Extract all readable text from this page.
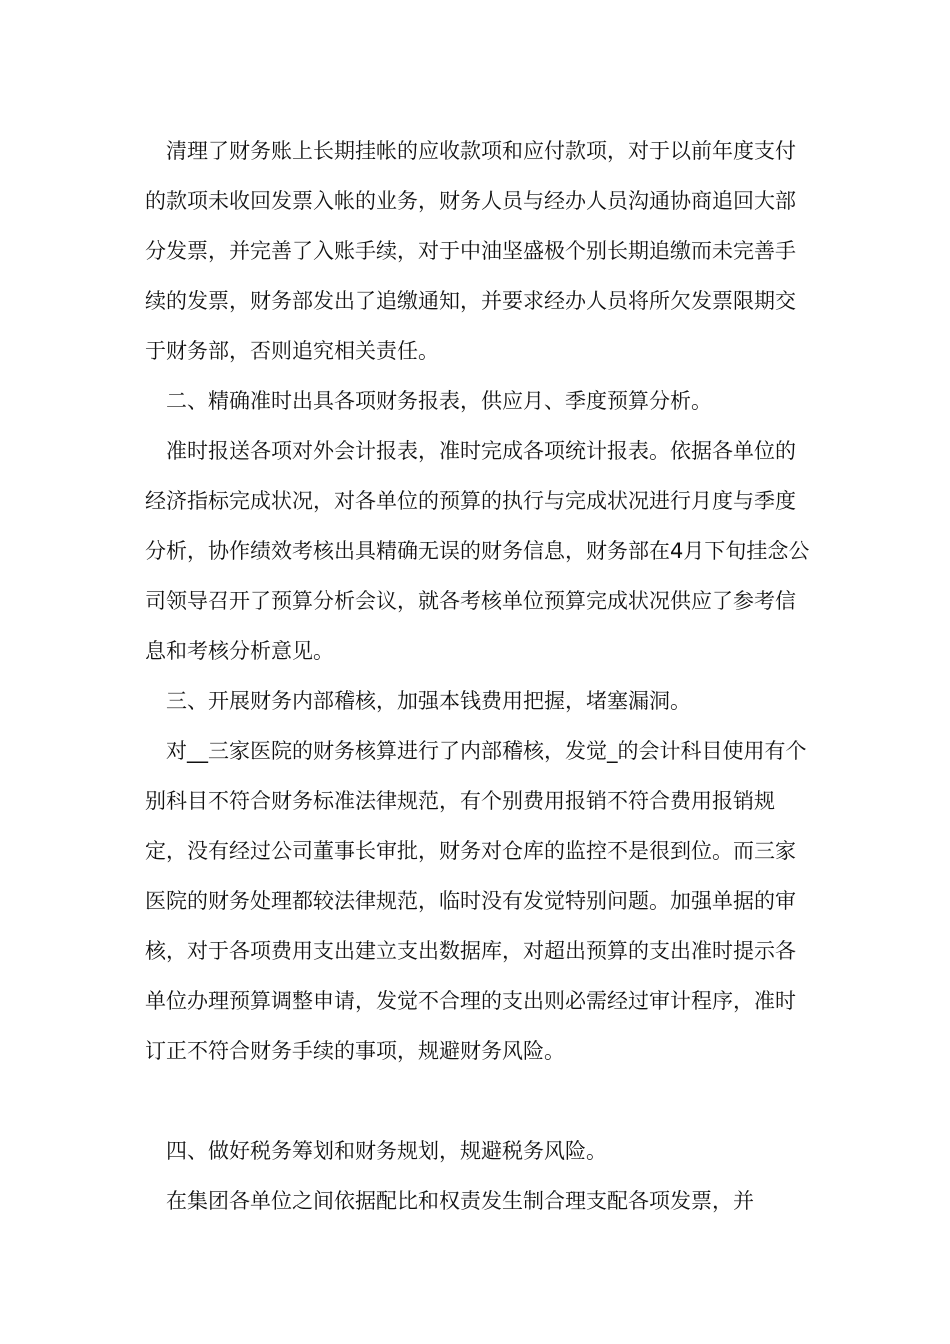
清理了财务账上长期挂帐的应收款项和应付款项，对于以前年度支付的款项未收回发票入帐的业务，财务人员与经办人员沟通协商追回大部分发票，并完善了入账手续，对于中油坚盛极个别长期追缴而未完善手续的发票，财务部发出了追缴通知，并要求经办人员将所欠发票限期交于财务部，否则追究相关责任。

二、精确准时出具各项财务报表，供应月、季度预算分析。

准时报送各项对外会计报表，准时完成各项统计报表。依据各单位的经济指标完成状况，对各单位的预算的执行与完成状况进行月度与季度分析，协作绩效考核出具精确无误的财务信息，财务部在4月下旬挂念公司领导召开了预算分析会议，就各考核单位预算完成状况供应了参考信息和考核分析意见。

三、开展财务内部稽核，加强本钱费用把握，堵塞漏洞。

对__三家医院的财务核算进行了内部稽核，发觉_的会计科目使用有个别科目不符合财务标准法律规范，有个别费用报销不符合费用报销规定，没有经过公司董事长审批，财务对仓库的监控不是很到位。而三家医院的财务处理都较法律规范，临时没有发觉特别问题。加强单据的审核，对于各项费用支出建立支出数据库，对超出预算的支出准时提示各单位办理预算调整申请，发觉不合理的支出则必需经过审计程序，准时订正不符合财务手续的事项，规避财务风险。

四、做好税务筹划和财务规划，规避税务风险。

在集团各单位之间依据配比和权责发生制合理支配各项发票，并
